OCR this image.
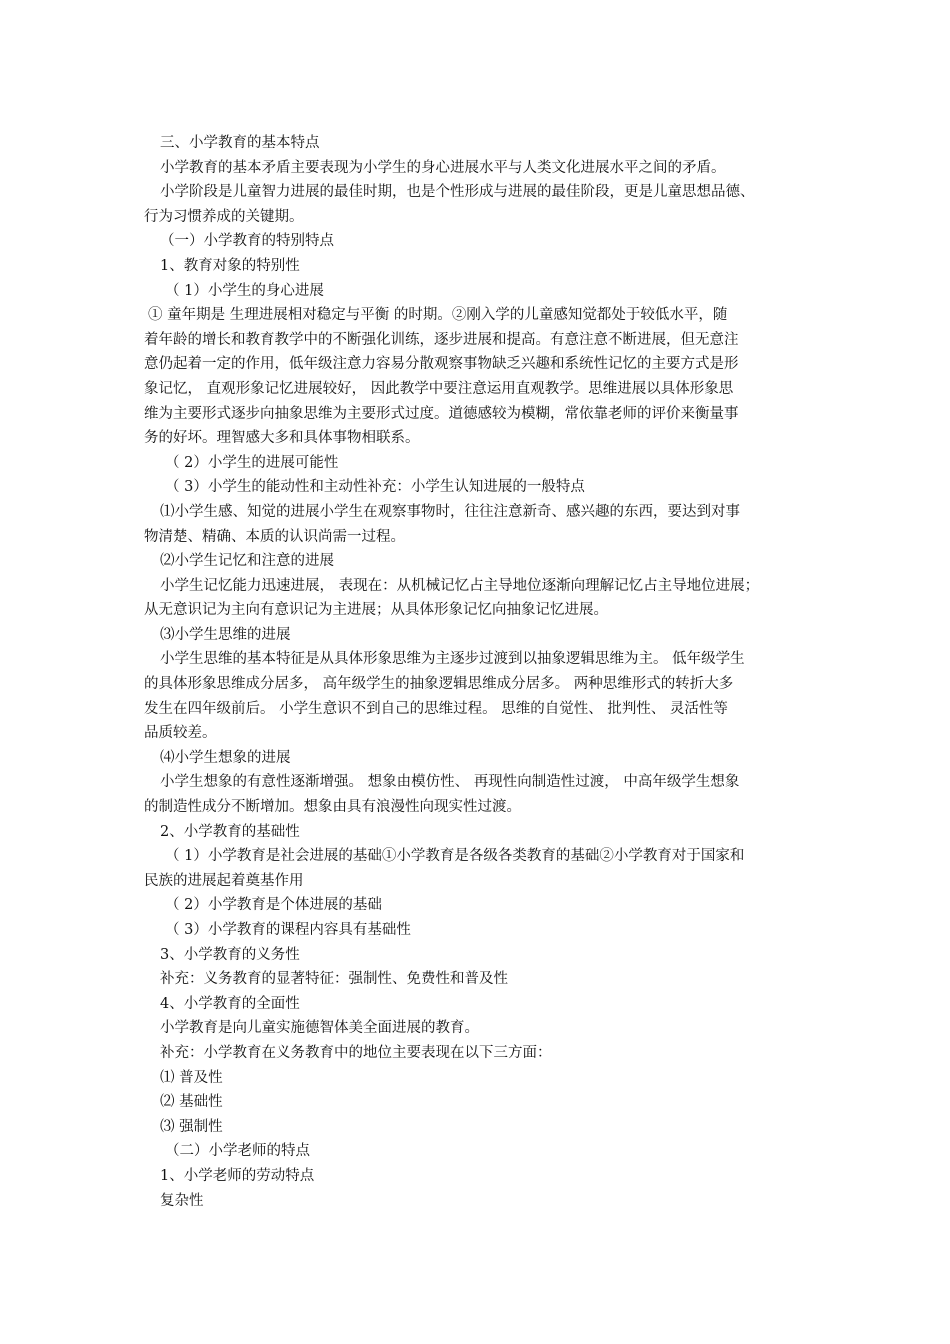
三、小学教育的基本特点
小学教育的基本矛盾主要表现为小学生的身心进展水平与人类文化进展水平之间的矛盾。
小学阶段是儿童智力进展的最佳时期，也是个性形成与进展的最佳阶段，更是儿童思想品德、
行为习惯养成的关键期。
（一）小学教育的特别特点
1、教育对象的特别性
（ 1）小学生的身心进展
① 童年期是 生理进展相对稳定与平衡 的时期。②刚入学的儿童感知觉都处于较低水平，随
着年龄的增长和教育教学中的不断强化训练，逐步进展和提高。有意注意不断进展，但无意注
意仍起着一定的作用，低年级注意力容易分散观察事物缺乏兴趣和系统性记忆的主要方式是形
象记忆， 直观形象记忆进展较好， 因此教学中要注意运用直观教学。思维进展以具体形象思
维为主要形式逐步向抽象思维为主要形式过度。道德感较为模糊，常依靠老师的评价来衡量事
务的好坏。理智感大多和具体事物相联系。
（ 2）小学生的进展可能性
（ 3）小学生的能动性和主动性补充：小学生认知进展的一般特点
⑴小学生感、知觉的进展小学生在观察事物时，往往注意新奇、感兴趣的东西，要达到对事
物清楚、精确、本质的认识尚需一过程。
⑵小学生记忆和注意的进展
小学生记忆能力迅速进展， 表现在：从机械记忆占主导地位逐渐向理解记忆占主导地位进展；
从无意识记为主向有意识记为主进展；从具体形象记忆向抽象记忆进展。
⑶小学生思维的进展
小学生思维的基本特征是从具体形象思维为主逐步过渡到以抽象逻辑思维为主。 低年级学生
的具体形象思维成分居多， 高年级学生的抽象逻辑思维成分居多。 两种思维形式的转折大多
发生在四年级前后。 小学生意识不到自己的思维过程。 思维的自觉性、 批判性、 灵活性等
品质较差。
⑷小学生想象的进展
小学生想象的有意性逐渐增强。 想象由模仿性、 再现性向制造性过渡， 中高年级学生想象
的制造性成分不断增加。想象由具有浪漫性向现实性过渡。
2、小学教育的基础性
（ 1）小学教育是社会进展的基础①小学教育是各级各类教育的基础②小学教育对于国家和
民族的进展起着奠基作用
（ 2）小学教育是个体进展的基础
（ 3）小学教育的课程内容具有基础性
3、小学教育的义务性
补充：义务教育的显著特征：强制性、免费性和普及性
4、小学教育的全面性
小学教育是向儿童实施德智体美全面进展的教育。
补充：小学教育在义务教育中的地位主要表现在以下三方面：
⑴ 普及性
⑵ 基础性
⑶ 强制性
（二）小学老师的特点
1、小学老师的劳动特点
复杂性
